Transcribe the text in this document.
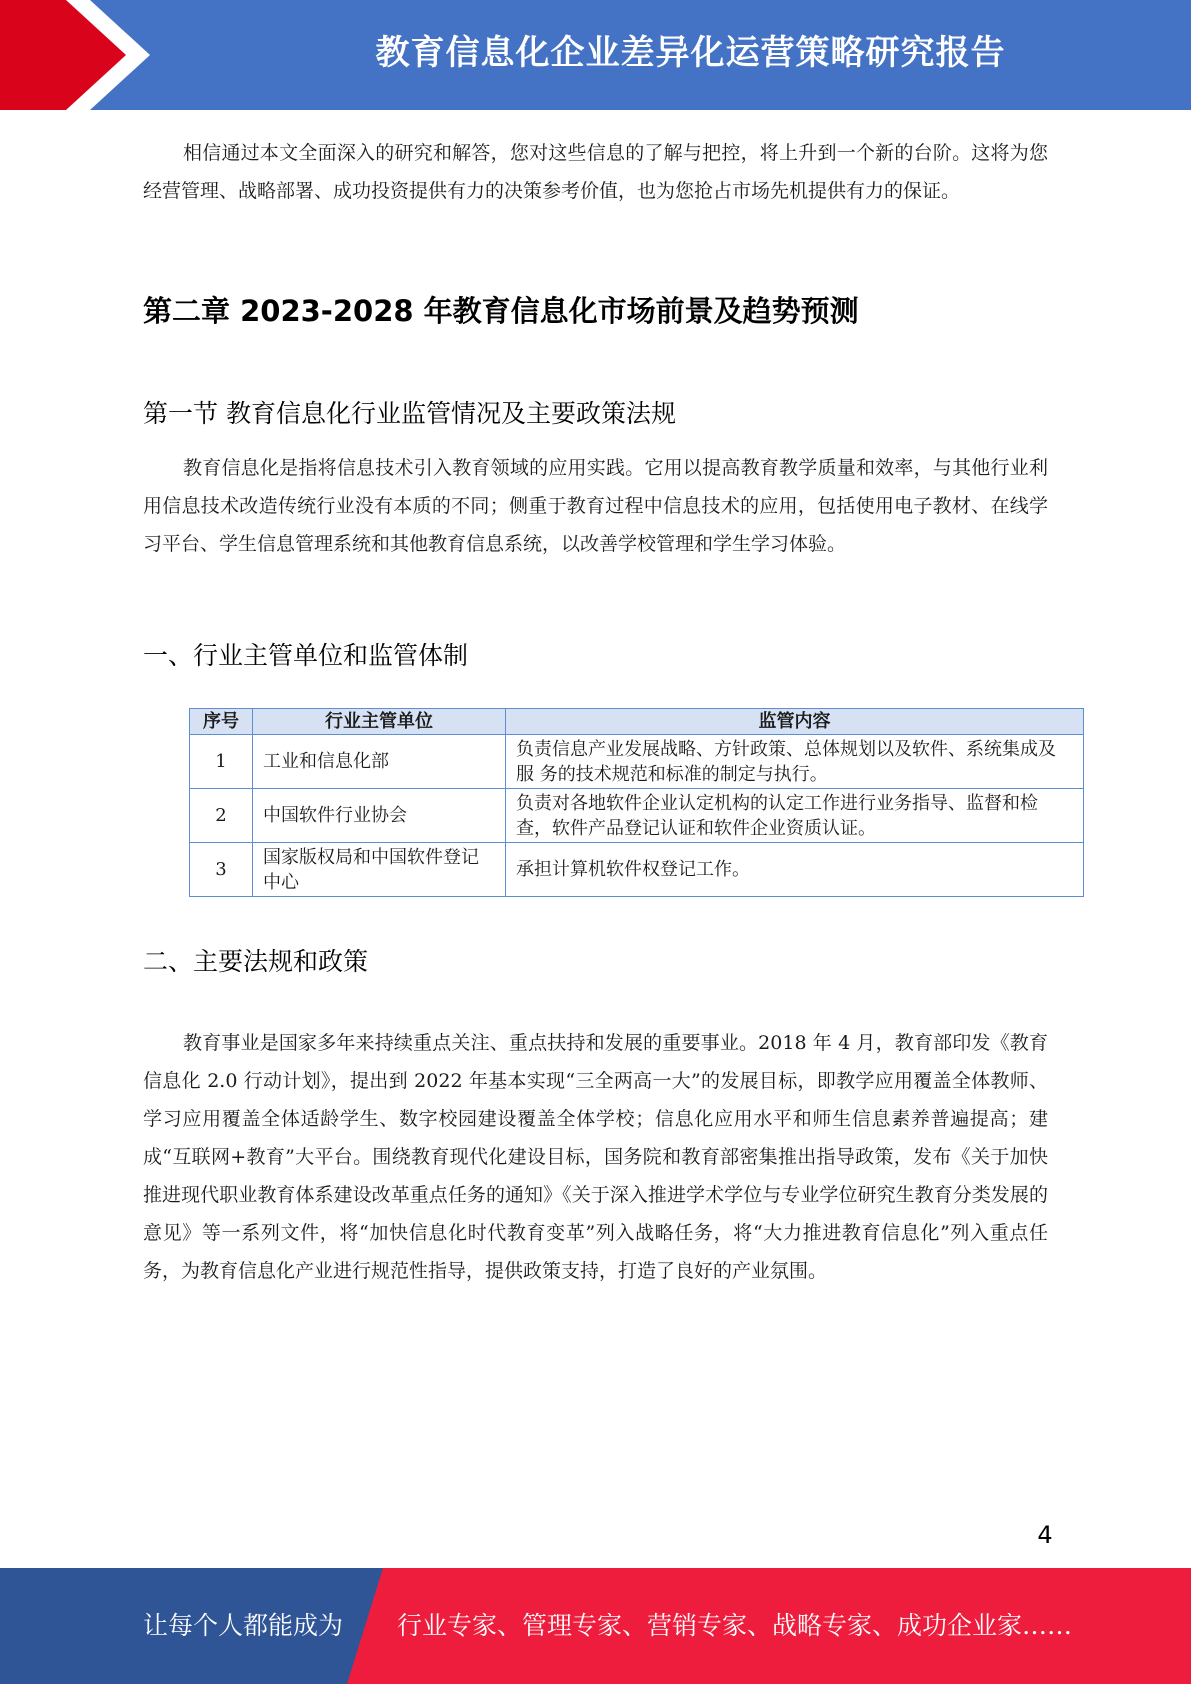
教育信息化企业差异化运营策略研究报告

相信通过本文全面深入的研究和解答，您对这些信息的了解与把控，将上升到一个新的台阶。这将为您经营管理、战略部署、成功投资提供有力的决策参考价值，也为您抢占市场先机提供有力的保证。

第二章 2023-2028 年教育信息化市场前景及趋势预测
第一节 教育信息化行业监管情况及主要政策法规

教育信息化是指将信息技术引入教育领域的应用实践。它用以提高教育教学质量和效率，与其他行业利用信息技术改造传统行业没有本质的不同；侧重于教育过程中信息技术的应用，包括使用电子教材、在线学习平台、学生信息管理系统和其他教育信息系统，以改善学校管理和学生学习体验。

一、行业主管单位和监管体制
序号	行业主管单位	监管内容
1	工业和信息化部	负责信息产业发展战略、方针政策、总体规划以及软件、系统集成及服 务的技术规范和标准的制定与执行。
2	中国软件行业协会	负责对各地软件企业认定机构的认定工作进行业务指导、监督和检查，软件产品登记认证和软件企业资质认证。
3	国家版权局和中国软件登记中心	承担计算机软件权登记工作。
二、主要法规和政策

教育事业是国家多年来持续重点关注、重点扶持和发展的重要事业。2018 年 4 月，教育部印发《教育信息化 2.0 行动计划》，提出到 2022 年基本实现“三全两高一大”的发展目标，即教学应用覆盖全体教师、学习应用覆盖全体适龄学生、数字校园建设覆盖全体学校；信息化应用水平和师生信息素养普遍提高；建成“互联网+教育”大平台。围绕教育现代化建设目标，国务院和教育部密集推出指导政策，发布《关于加快推进现代职业教育体系建设改革重点任务的通知》《关于深入推进学术学位与专业学位研究生教育分类发展的意见》等一系列文件，将“加快信息化时代教育变革”列入战略任务，将“大力推进教育信息化”列入重点任务，为教育信息化产业进行规范性指导，提供政策支持，打造了良好的产业氛围。

4
让每个人都能成为 行业专家、管理专家、营销专家、战略专家、成功企业家……
